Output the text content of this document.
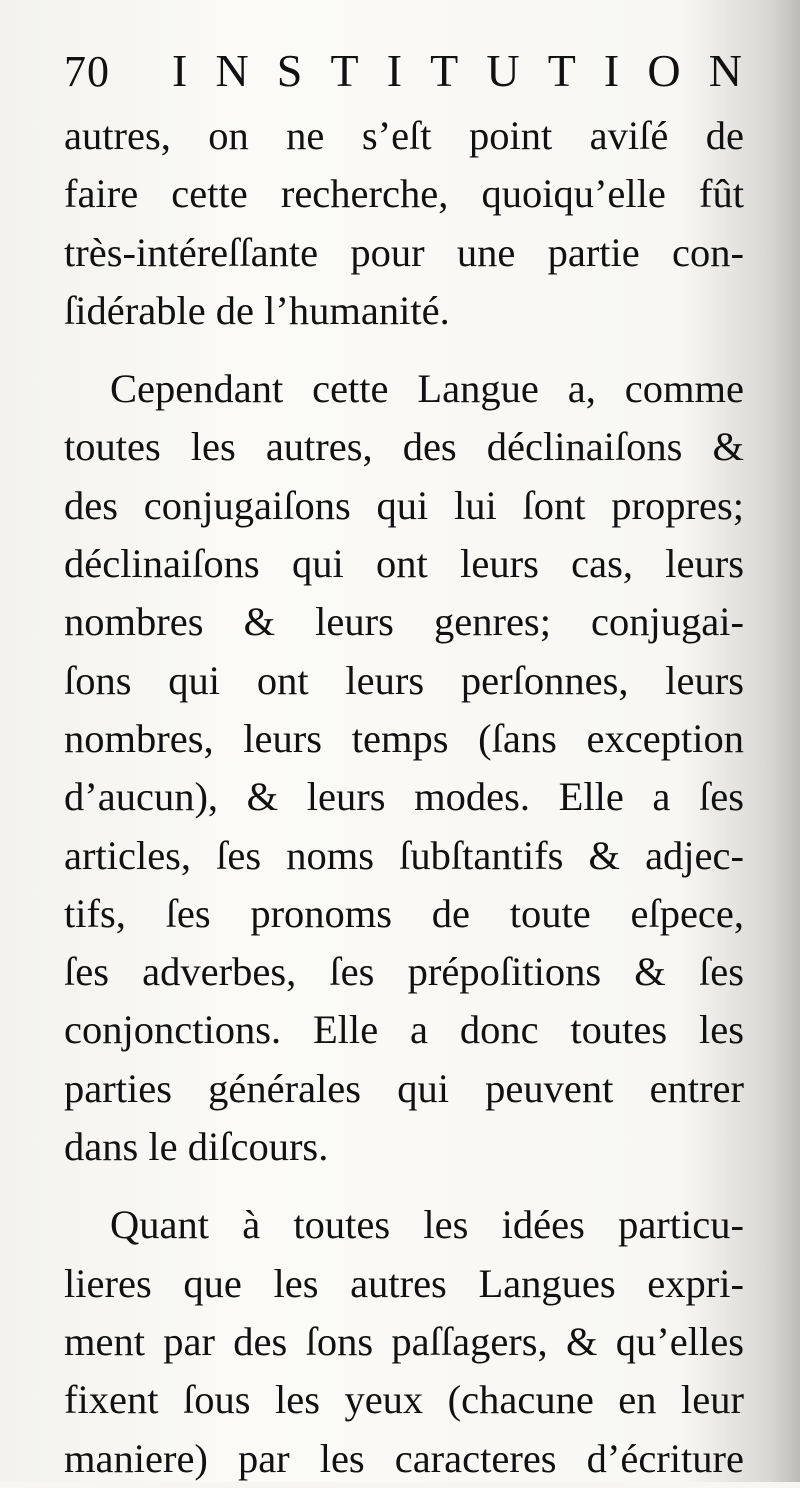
70 I N S T I T U T I O N
autres, on ne s’eſt point aviſé de
faire cette recherche, quoiqu’elle fût
très-intéreſſante pour une partie con-
ſidérable de l’humanité.
Cependant cette Langue a, comme
toutes les autres, des déclinaiſons &
des conjugaiſons qui lui ſont propres;
déclinaiſons qui ont leurs cas, leurs
nombres & leurs genres; conjugai-
ſons qui ont leurs perſonnes, leurs
nombres, leurs temps (ſans exception
d’aucun), & leurs modes. Elle a ſes
articles, ſes noms ſubſtantifs & adjec-
tifs, ſes pronoms de toute eſpece,
ſes adverbes, ſes prépoſitions & ſes
conjonctions. Elle a donc toutes les
parties générales qui peuvent entrer
dans le diſcours.
Quant à toutes les idées particu-
lieres que les autres Langues expri-
ment par des ſons paſſagers, & qu’elles
fixent ſous les yeux (chacune en leur
maniere) par les caracteres d’écriture
